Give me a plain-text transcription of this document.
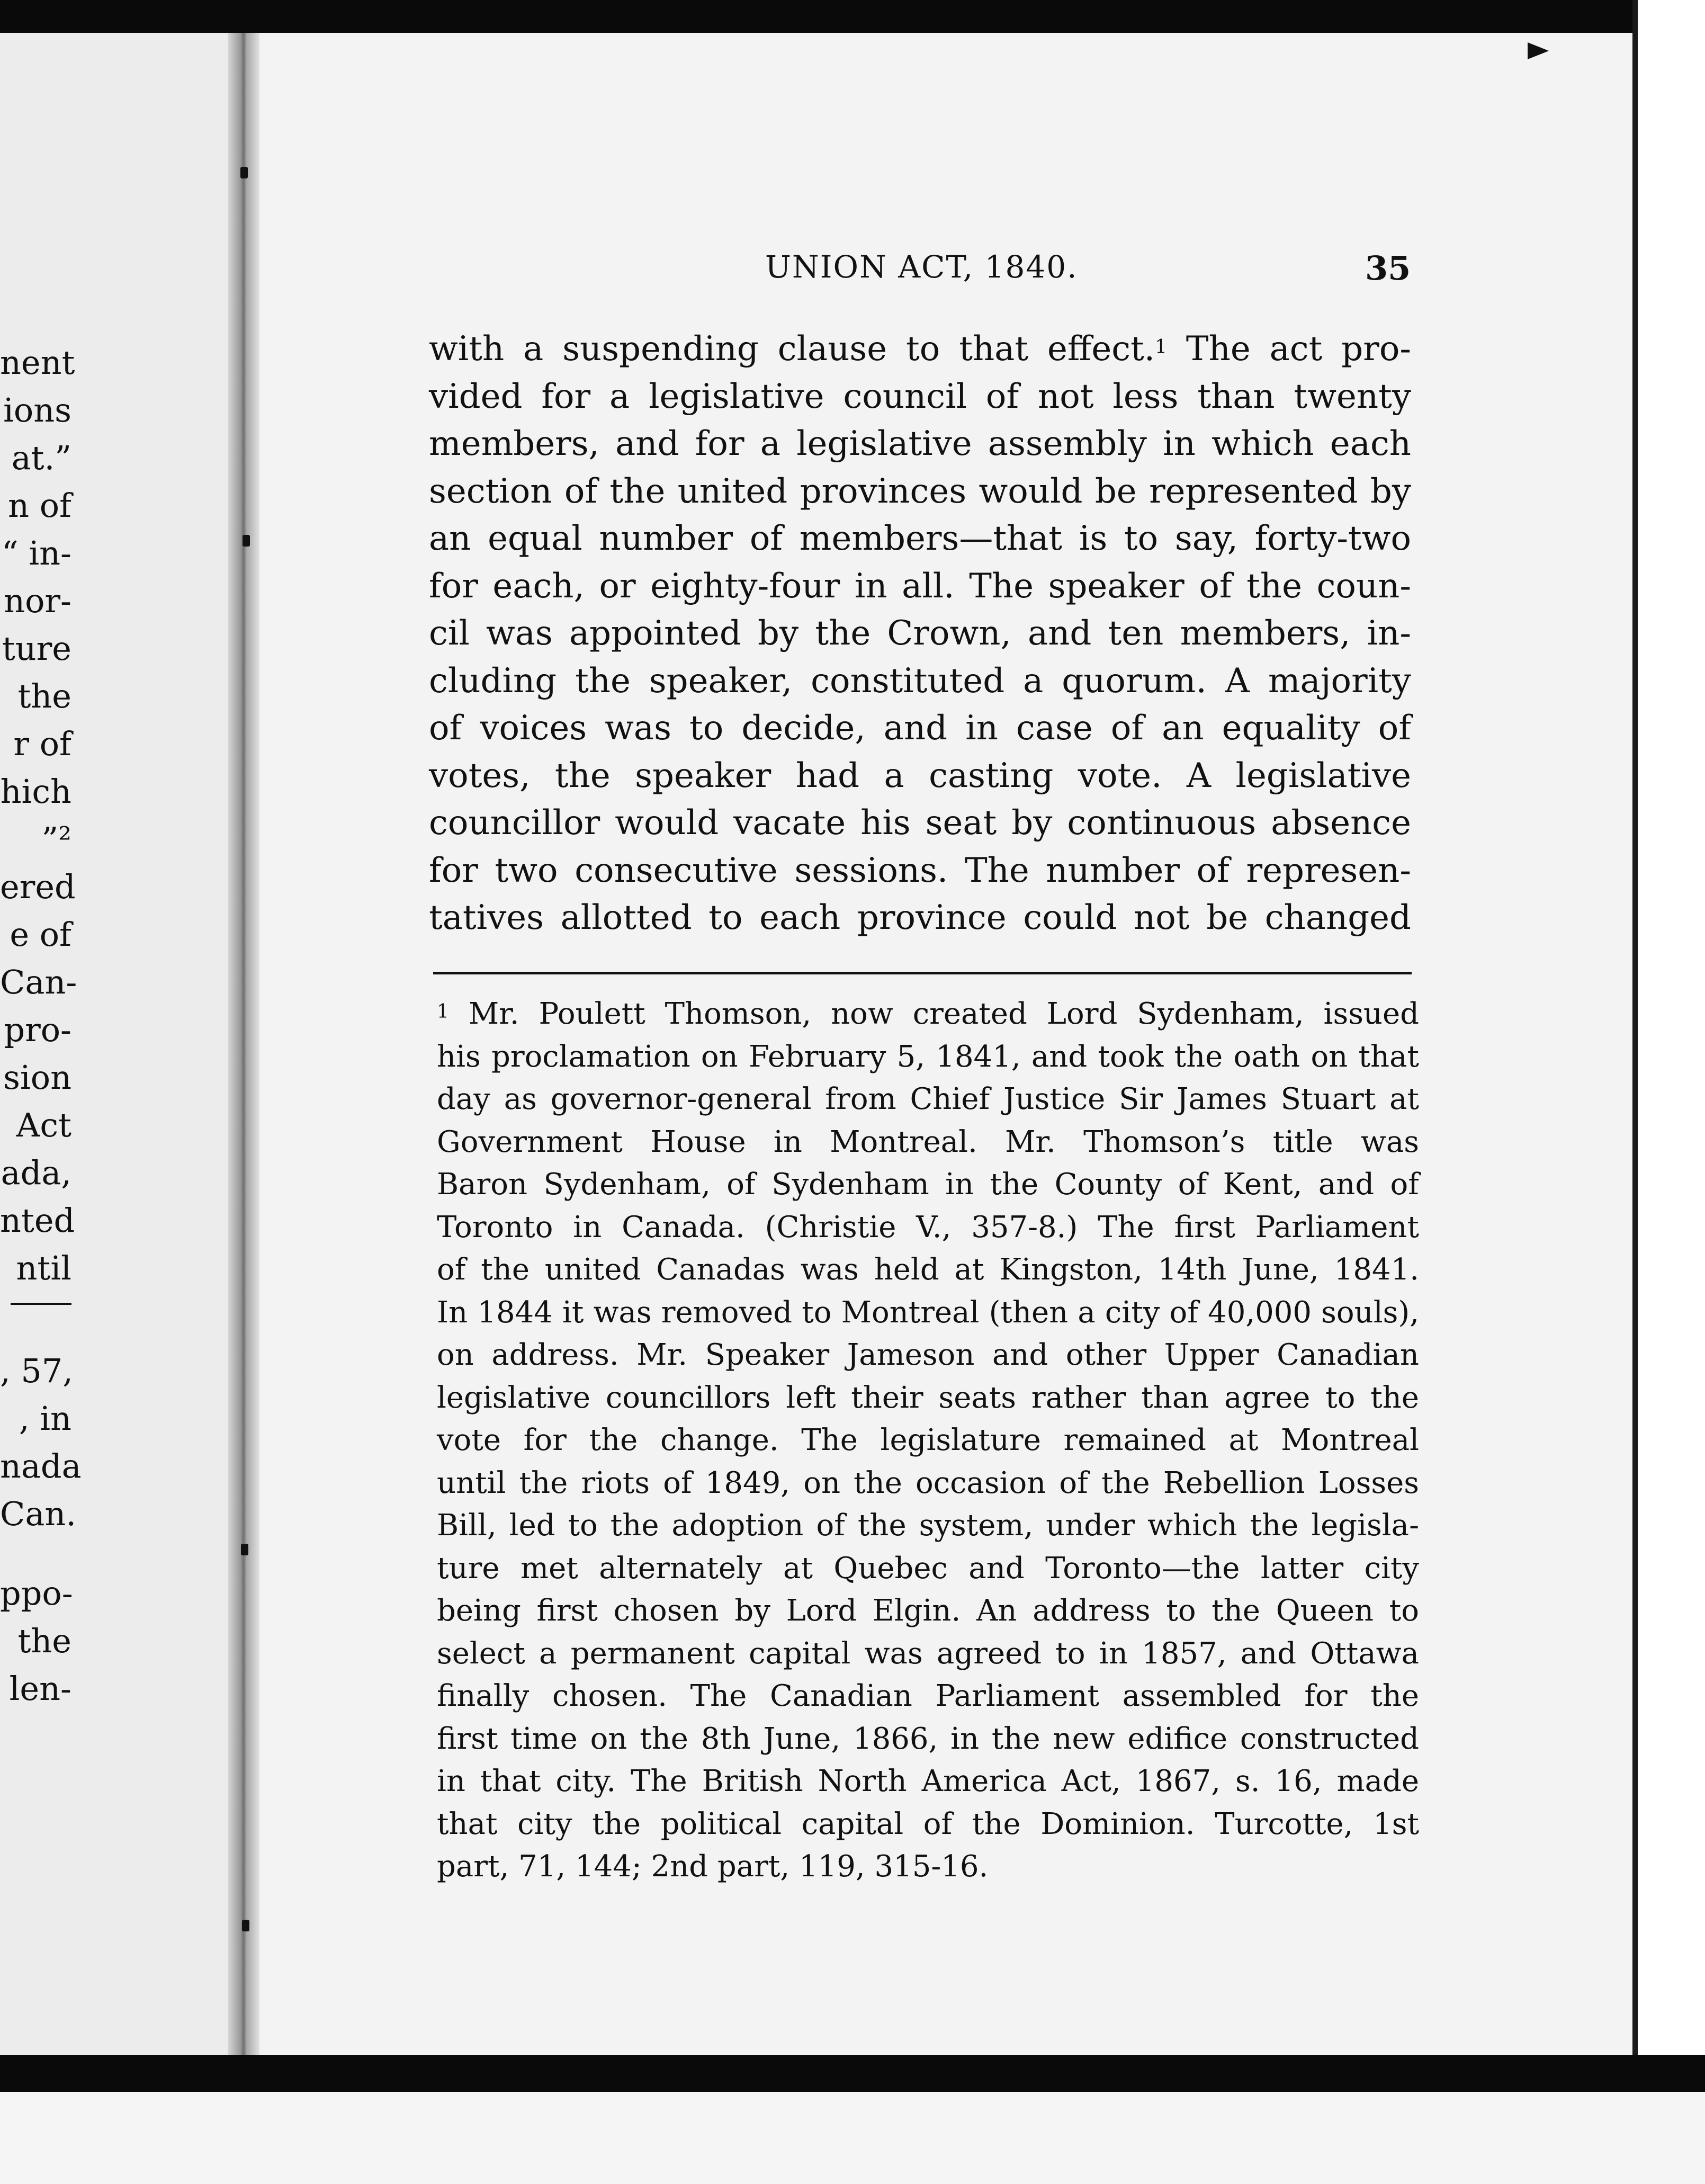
nent
ions
at.”
n of
“ in-
nor-
ture
the
r of
hich
”²
ered
e of
Can-
pro-
sion
Act
ada,
nted
ntil
, 57,
, in
nada
Can.
ppo-
the
len-
UNION ACT, 1840.	35
with a suspending clause to that effect.$^1$ The act pro-
vided for a legislative council of not less than twenty
members, and for a legislative assembly in which each
section of the united provinces would be represented by
an equal number of members—that is to say, forty-two
for each, or eighty-four in all. The speaker of the coun-
cil was appointed by the Crown, and ten members, in-
cluding the speaker, constituted a quorum. A majority
of voices was to decide, and in case of an equality of
votes, the speaker had a casting vote. A legislative
councillor would vacate his seat by continuous absence
for two consecutive sessions. The number of represen-
tatives allotted to each province could not be changed
$^1$ Mr. Poulett Thomson, now created Lord Sydenham, issued
his proclamation on February 5, 1841, and took the oath on that
day as governor-general from Chief Justice Sir James Stuart at
Government House in Montreal. Mr. Thomson’s title was
Baron Sydenham, of Sydenham in the County of Kent, and of
Toronto in Canada. (Christie V., 357-8.) The first Parliament
of the united Canadas was held at Kingston, 14th June, 1841.
In 1844 it was removed to Montreal (then a city of 40,000 souls),
on address. Mr. Speaker Jameson and other Upper Canadian
legislative councillors left their seats rather than agree to the
vote for the change. The legislature remained at Montreal
until the riots of 1849, on the occasion of the Rebellion Losses
Bill, led to the adoption of the system, under which the legisla-
ture met alternately at Quebec and Toronto—the latter city
being first chosen by Lord Elgin. An address to the Queen to
select a permanent capital was agreed to in 1857, and Ottawa
finally chosen. The Canadian Parliament assembled for the
first time on the 8th June, 1866, in the new edifice constructed
in that city. The British North America Act, 1867, s. 16, made
that city the political capital of the Dominion. Turcotte, 1st
part, 71, 144; 2nd part, 119, 315-16.
